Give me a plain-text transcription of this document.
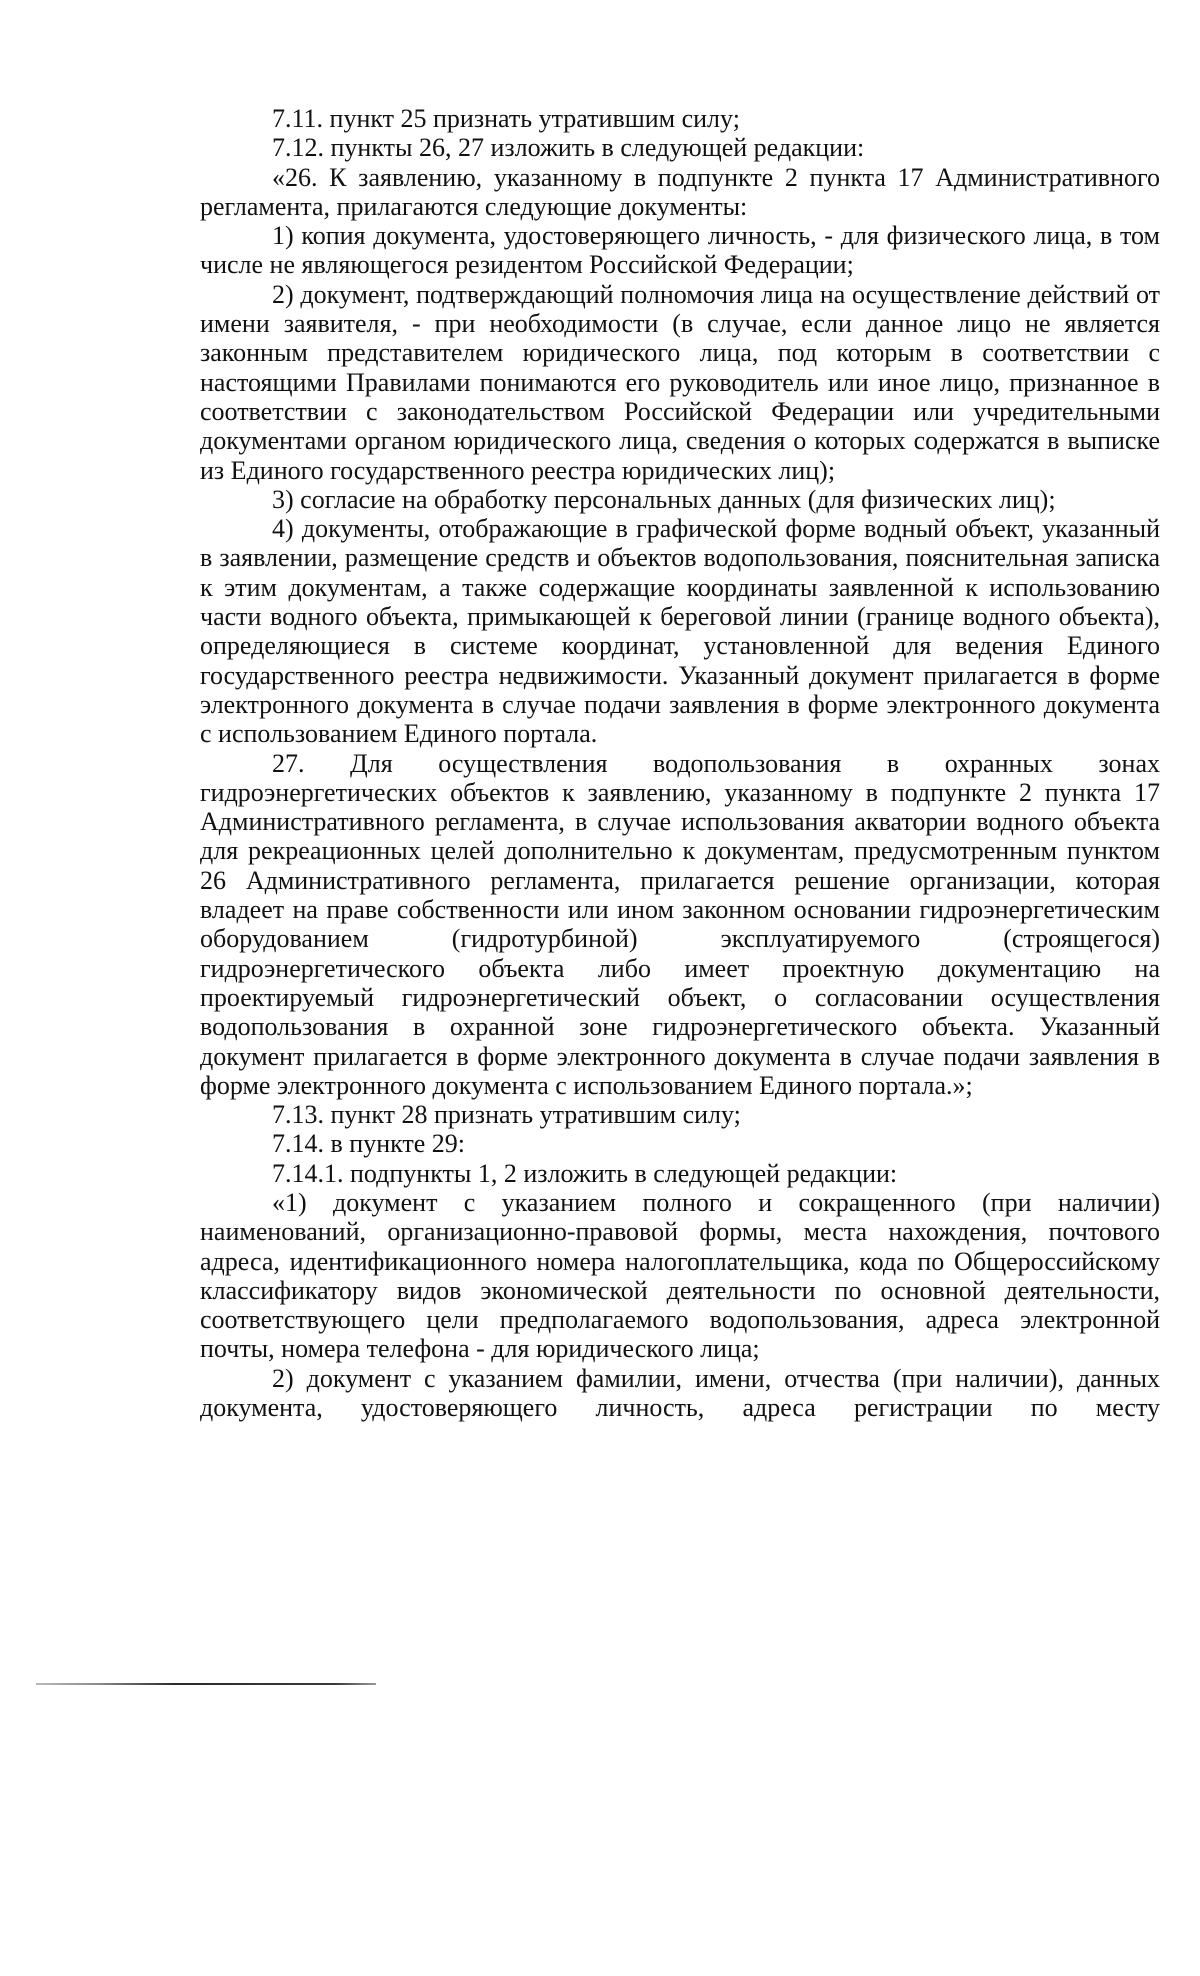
7.11. пункт 25 признать утратившим силу;

7.12. пункты 26, 27 изложить в следующей редакции:

«26. К заявлению, указанному в подпункте 2 пункта 17 Административного регламента, прилагаются следующие документы:

1) копия документа, удостоверяющего личность, - для физического лица, в том числе не являющегося резидентом Российской Федерации;

2) документ, подтверждающий полномочия лица на осуществление действий от имени заявителя, - при необходимости (в случае, если данное лицо не является законным представителем юридического лица, под которым в соответствии с настоящими Правилами понимаются его руководитель или иное лицо, признанное в соответствии с законодательством Российской Федерации или учредительными документами органом юридического лица, сведения о которых содержатся в выписке из Единого государственного реестра юридических лиц);

3) согласие на обработку персональных данных (для физических лиц);

4) документы, отображающие в графической форме водный объект, указанный в заявлении, размещение средств и объектов водопользования, пояснительная записка к этим документам, а также содержащие координаты заявленной к использованию части водного объекта, примыкающей к береговой линии (границе водного объекта), определяющиеся в системе координат, установленной для ведения Единого государственного реестра недвижимости. Указанный документ прилагается в форме электронного документа в случае подачи заявления в форме электронного документа с использованием Единого портала.

27. Для осуществления водопользования в охранных зонах гидроэнергетических объектов к заявлению, указанному в подпункте 2 пункта 17 Административного регламента, в случае использования акватории водного объекта для рекреационных целей дополнительно к документам, предусмотренным пунктом 26 Административного регламента, прилагается решение организации, которая владеет на праве собственности или ином законном основании гидроэнергетическим оборудованием (гидротурбиной) эксплуатируемого (строящегося) гидроэнергетического объекта либо имеет проектную документацию на проектируемый гидроэнергетический объект, о согласовании осуществления водопользования в охранной зоне гидроэнергетического объекта. Указанный документ прилагается в форме электронного документа в случае подачи заявления в форме электронного документа с использованием Единого портала.»;

7.13. пункт 28 признать утратившим силу;

7.14. в пункте 29:

7.14.1. подпункты 1, 2 изложить в следующей редакции:

«1) документ с указанием полного и сокращенного (при наличии) наименований, организационно-правовой формы, места нахождения, почтового адреса, идентификационного номера налогоплательщика, кода по Общероссийскому классификатору видов экономической деятельности по основной деятельности, соответствующего цели предполагаемого водопользования, адреса электронной почты, номера телефона - для юридического лица;

2) документ с указанием фамилии, имени, отчества (при наличии), данных документа, удостоверяющего личность, адреса регистрации по месту
